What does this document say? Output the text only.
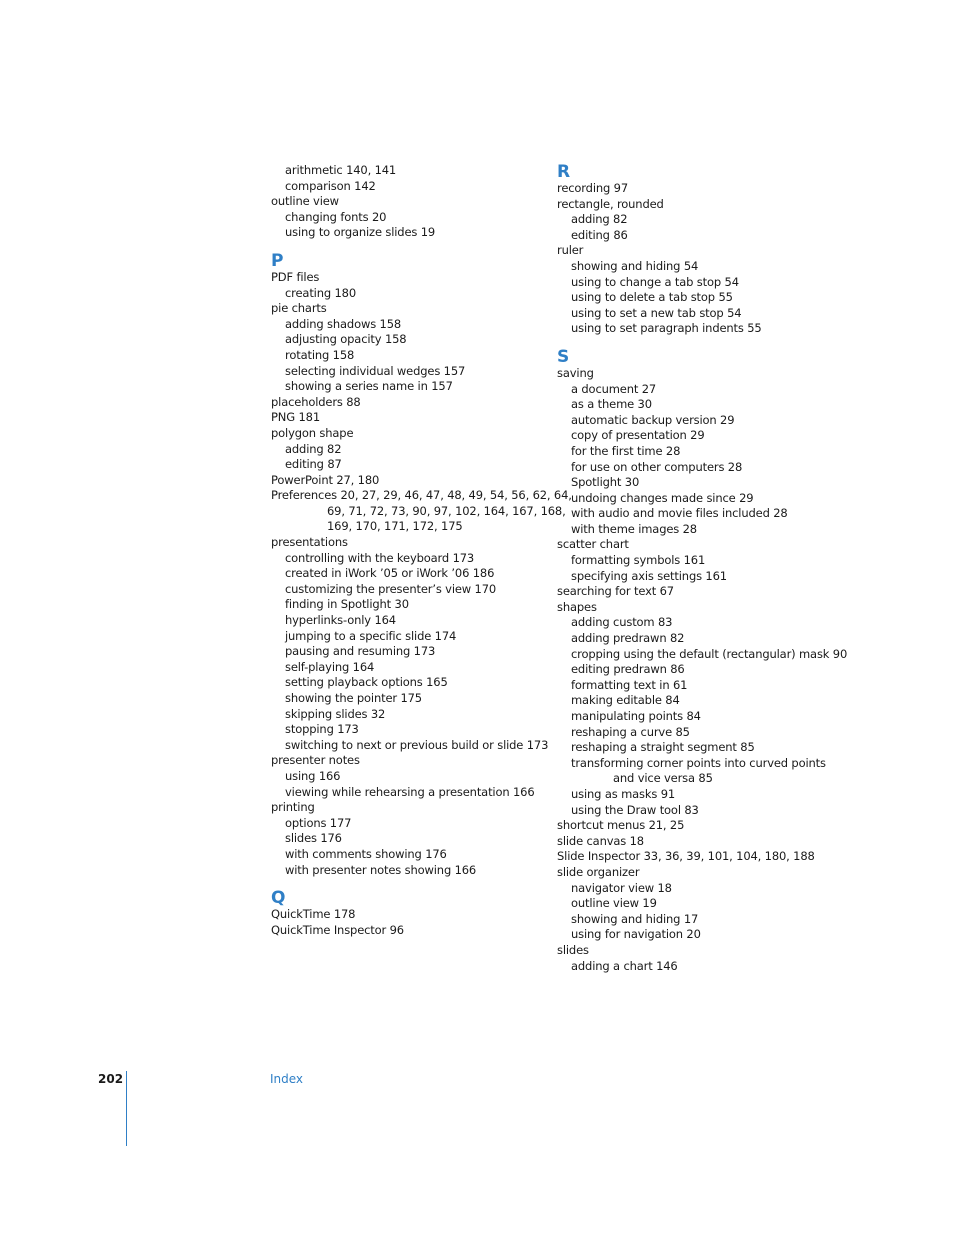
arithmetic 140, 141
comparison 142
outline view
changing fonts 20
using to organize slides 19
P
PDF files
creating 180
pie charts
adding shadows 158
adjusting opacity 158
rotating 158
selecting individual wedges 157
showing a series name in 157
placeholders 88
PNG 181
polygon shape
adding 82
editing 87
PowerPoint 27, 180
Preferences 20, 27, 29, 46, 47, 48, 49, 54, 56, 62, 64,
69, 71, 72, 73, 90, 97, 102, 164, 167, 168,
169, 170, 171, 172, 175
presentations
controlling with the keyboard 173
created in iWork ’05 or iWork ’06 186
customizing the presenter’s view 170
finding in Spotlight 30
hyperlinks-only 164
jumping to a specific slide 174
pausing and resuming 173
self-playing 164
setting playback options 165
showing the pointer 175
skipping slides 32
stopping 173
switching to next or previous build or slide 173
presenter notes
using 166
viewing while rehearsing a presentation 166
printing
options 177
slides 176
with comments showing 176
with presenter notes showing 166
Q
QuickTime 178
QuickTime Inspector 96
R
recording 97
rectangle, rounded
adding 82
editing 86
ruler
showing and hiding 54
using to change a tab stop 54
using to delete a tab stop 55
using to set a new tab stop 54
using to set paragraph indents 55
S
saving
a document 27
as a theme 30
automatic backup version 29
copy of presentation 29
for the first time 28
for use on other computers 28
Spotlight 30
undoing changes made since 29
with audio and movie files included 28
with theme images 28
scatter chart
formatting symbols 161
specifying axis settings 161
searching for text 67
shapes
adding custom 83
adding predrawn 82
cropping using the default (rectangular) mask 90
editing predrawn 86
formatting text in 61
making editable 84
manipulating points 84
reshaping a curve 85
reshaping a straight segment 85
transforming corner points into curved points
and vice versa 85
using as masks 91
using the Draw tool 83
shortcut menus 21, 25
slide canvas 18
Slide Inspector 33, 36, 39, 101, 104, 180, 188
slide organizer
navigator view 18
outline view 19
showing and hiding 17
using for navigation 20
slides
adding a chart 146
202	Index
